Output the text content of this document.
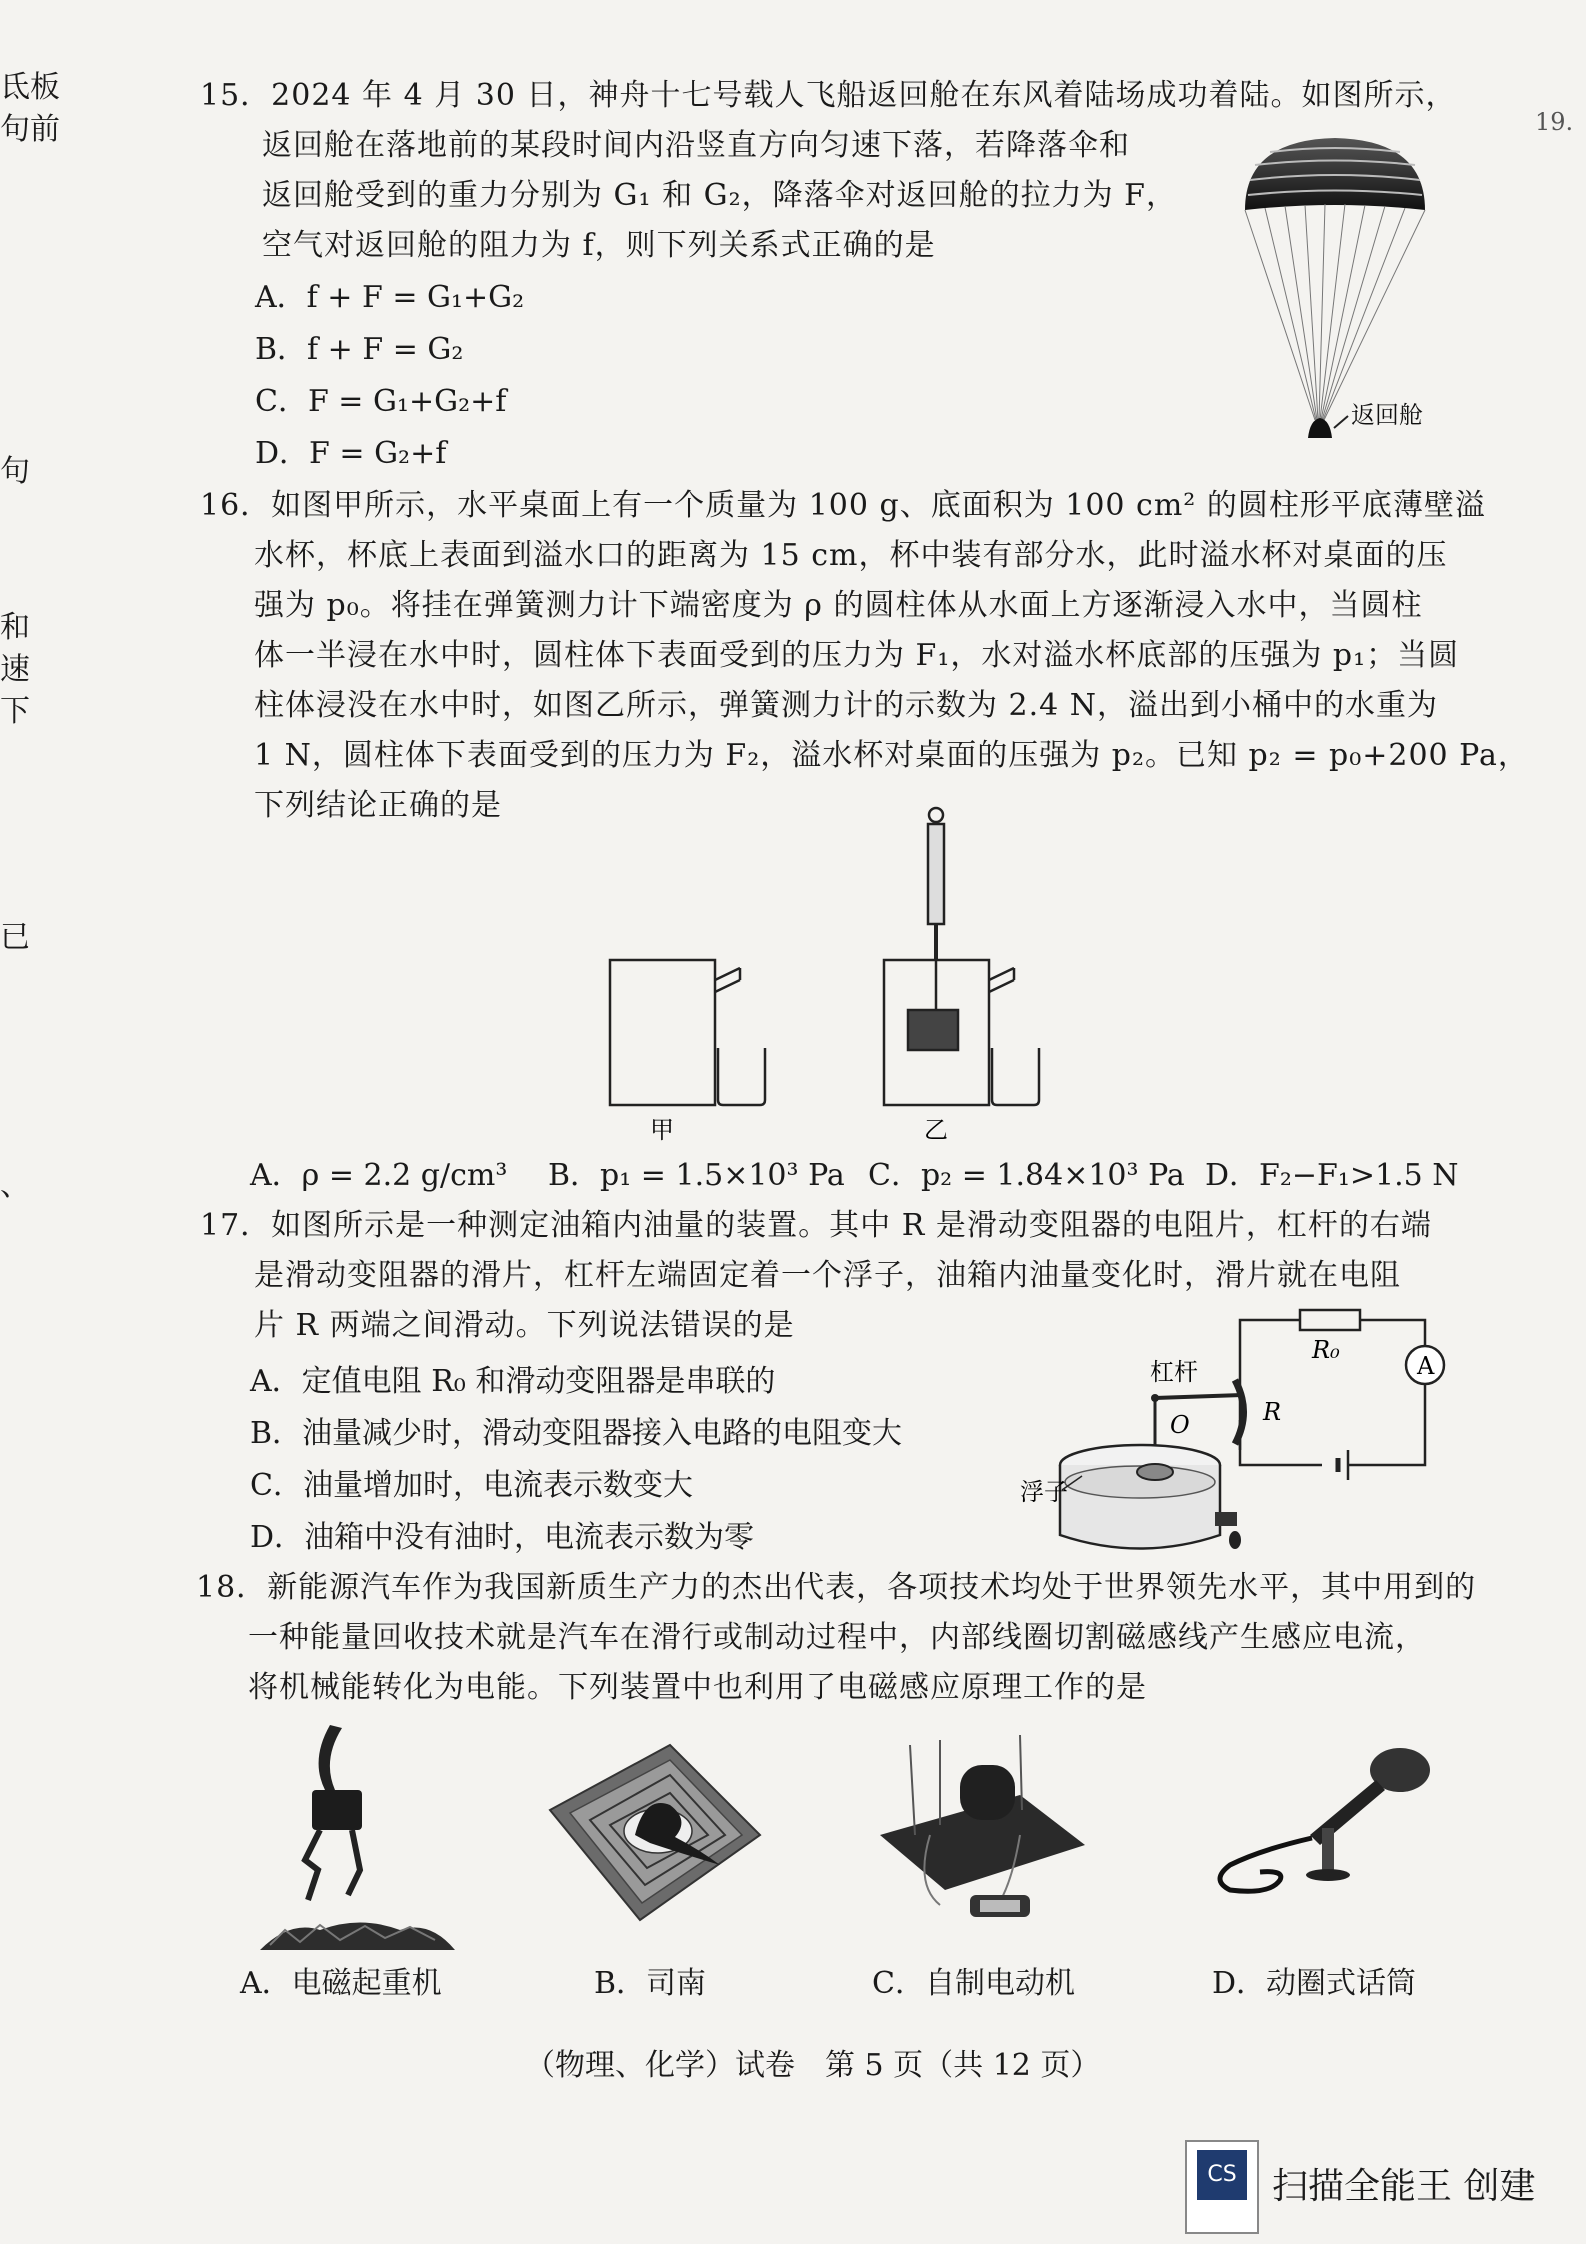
氐板
句前
句
和
速
下
已
、
19.
15．2024 年 4 月 30 日，神舟十七号载人飞船返回舱在东风着陆场成功着陆。如图所示，
返回舱在落地前的某段时间内沿竖直方向匀速下落，若降落伞和
返回舱受到的重力分别为 G₁ 和 G₂，降落伞对返回舱的拉力为 F，
空气对返回舱的阻力为 f，则下列关系式正确的是
A．f + F = G₁+G₂
B．f + F = G₂
C．F = G₁+G₂+f
D．F = G₂+f
返回舱
16．如图甲所示，水平桌面上有一个质量为 100 g、底面积为 100 cm² 的圆柱形平底薄壁溢
水杯，杯底上表面到溢水口的距离为 15 cm，杯中装有部分水，此时溢水杯对桌面的压
强为 p₀。将挂在弹簧测力计下端密度为 ρ 的圆柱体从水面上方逐渐浸入水中，当圆柱
体一半浸在水中时，圆柱体下表面受到的压力为 F₁，水对溢水杯底部的压强为 p₁；当圆
柱体浸没在水中时，如图乙所示，弹簧测力计的示数为 2.4 N，溢出到小桶中的水重为
1 N，圆柱体下表面受到的压力为 F₂，溢水杯对桌面的压强为 p₂。已知 p₂ = p₀+200 Pa，
下列结论正确的是
甲	乙
A．ρ = 2.2 g/cm³ B．p₁ = 1.5×10³ Pa C．p₂ = 1.84×10³ Pa D．F₂−F₁>1.5 N
17．如图所示是一种测定油箱内油量的装置。其中 R 是滑动变阻器的电阻片，杠杆的右端
是滑动变阻器的滑片，杠杆左端固定着一个浮子，油箱内油量变化时，滑片就在电阻
片 R 两端之间滑动。下列说法错误的是
A．定值电阻 R₀ 和滑动变阻器是串联的
B．油量减少时，滑动变阻器接入电路的电阻变大
C．油量增加时，电流表示数变大
D．油箱中没有油时，电流表示数为零
A
R₀
R
杠杆
O
浮子
18．新能源汽车作为我国新质生产力的杰出代表，各项技术均处于世界领先水平，其中用到的
一种能量回收技术就是汽车在滑行或制动过程中，内部线圈切割磁感线产生感应电流，
将机械能转化为电能。下列装置中也利用了电磁感应原理工作的是
A．电磁起重机	B．司南	C．自制电动机	D．动圈式话筒
（物理、化学）试卷　第 5 页（共 12 页）
CS 扫描全能王 创建
